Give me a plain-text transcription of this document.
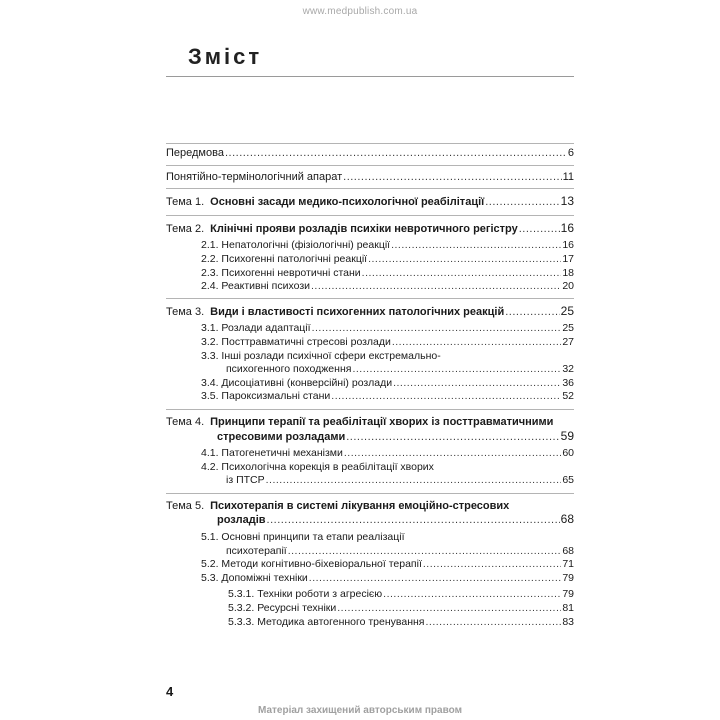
www.medpublish.com.ua
Зміст
Передмова .....	6
Понятійно-термінологічний апарат .....	11
Тема 1. Основні засади медико-психологічної реабілітації .....	13
Тема 2. Клінічні прояви розладів психіки невротичного регістру .....	16
2.1. Непатологічні (фізіологічні) реакції .....	16
2.2. Психогенні патологічні реакції .....	17
2.3. Психогенні невротичні стани .....	18
2.4. Реактивні психози .....	20
Тема 3. Види і властивості психогенних патологічних реакцій .....	25
3.1. Розлади адаптації .....	25
3.2. Посттравматичні стресові розлади .....	27
3.3. Інші розлади психічної сфери екстремально-
психогенного походження .....	32
3.4. Дисоціативні (конверсійні) розлади .....	36
3.5. Пароксизмальні стани .....	52
Тема 4. Принципи терапії та реабілітації хворих із посттравматичними
стресовими розладами .....	59
4.1. Патогенетичні механізми .....	60
4.2. Психологічна корекція в реабілітації хворих
із ПТСР .....	65
Тема 5. Психотерапія в системі лікування емоційно-стресових
розладів .....	68
5.1. Основні принципи та етапи реалізації
психотерапії .....	68
5.2. Методи когнітивно-біхевіоральної терапії .....	71
5.3. Допоміжні техніки .....	79
5.3.1. Техніки роботи з агресією .....	79
5.3.2. Ресурсні техніки .....	81
5.3.3. Методика автогенного тренування .....	83
4
Матеріал захищений авторським правом
